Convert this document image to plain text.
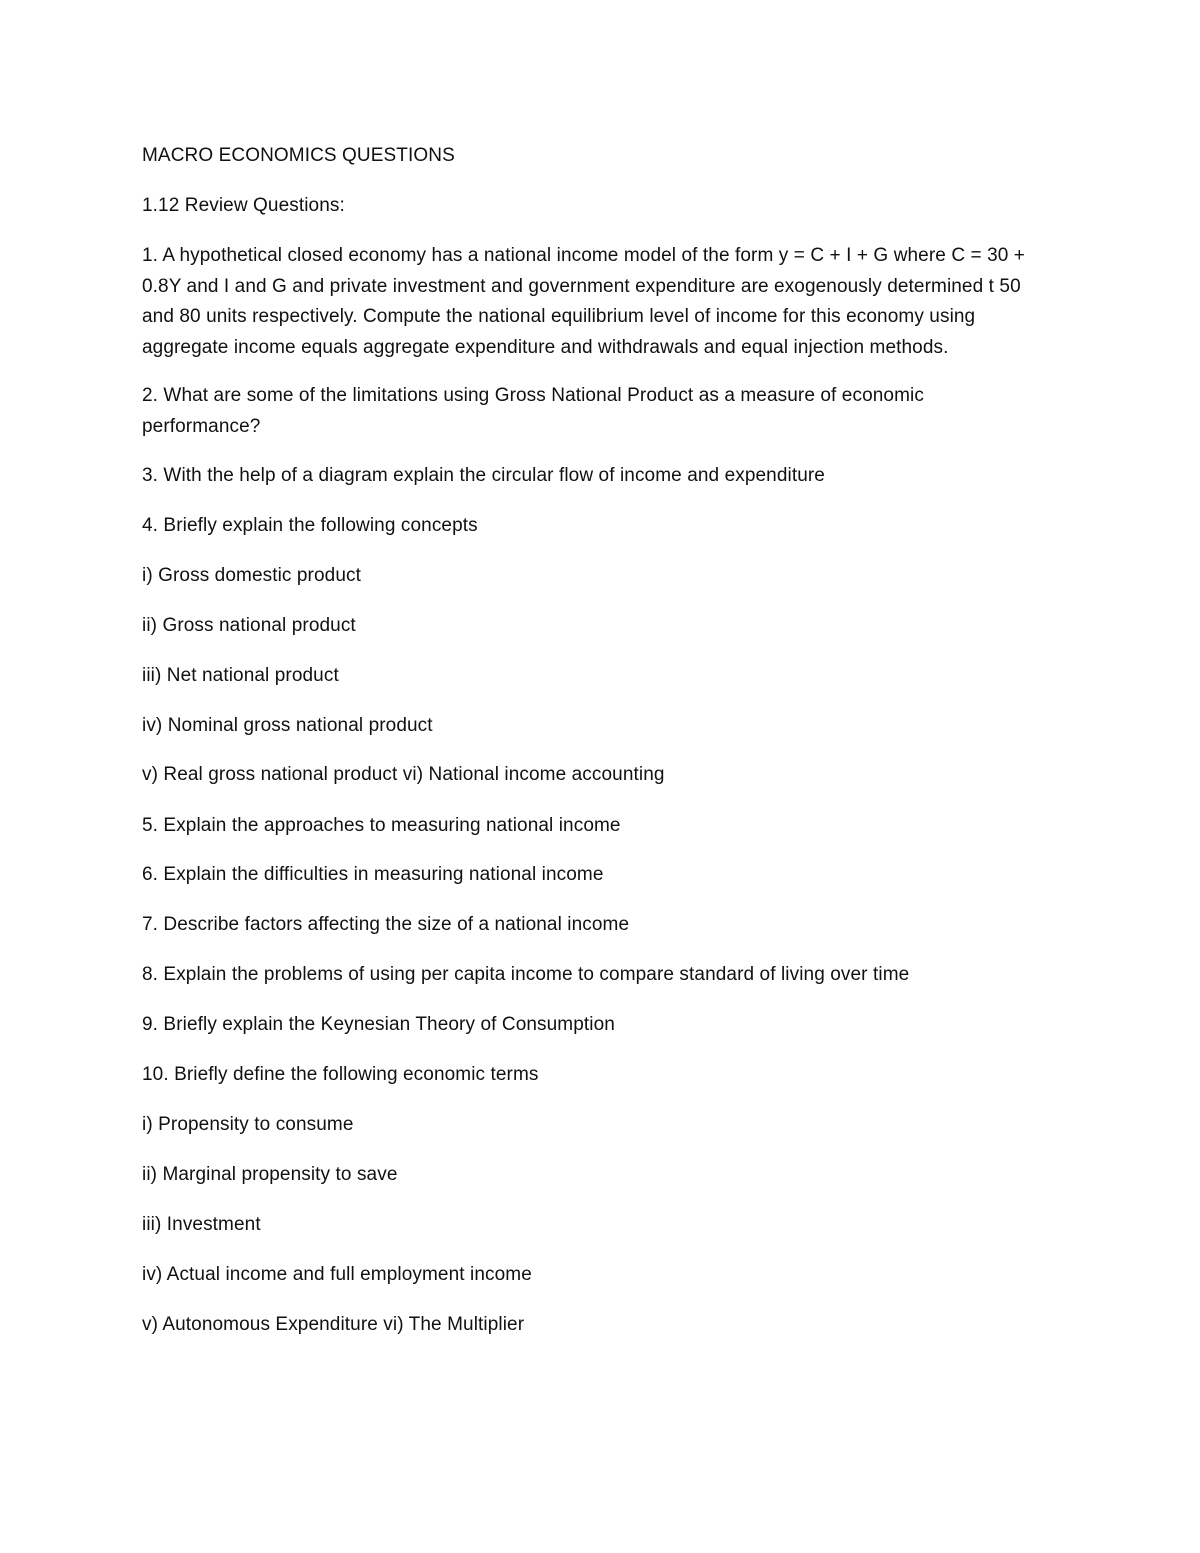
MACRO ECONOMICS QUESTIONS
1.12 Review Questions:
1. A hypothetical closed economy has a national income model of the form y = C + I + G where C = 30 +
0.8Y and I and G and private investment and government expenditure are exogenously determined t 50
and 80 units respectively. Compute the national equilibrium level of income for this economy using
aggregate income equals aggregate expenditure and withdrawals and equal injection methods.
2. What are some of the limitations using Gross National Product as a measure of economic
performance?
3. With the help of a diagram explain the circular flow of income and expenditure
4. Briefly explain the following concepts
i) Gross domestic product
ii) Gross national product
iii) Net national product
iv) Nominal gross national product
v) Real gross national product vi) National income accounting
5. Explain the approaches to measuring national income
6. Explain the difficulties in measuring national income
7. Describe factors affecting the size of a national income
8. Explain the problems of using per capita income to compare standard of living over time
9. Briefly explain the Keynesian Theory of Consumption
10. Briefly define the following economic terms
i) Propensity to consume
ii) Marginal propensity to save
iii) Investment
iv) Actual income and full employment income
v) Autonomous Expenditure vi) The Multiplier
